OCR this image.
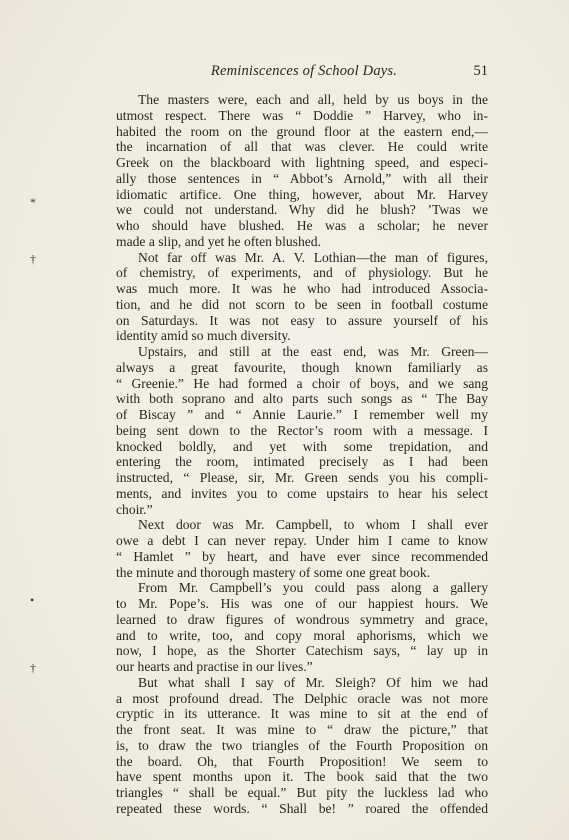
Reminiscences of School Days.	51
*
†
•
†
The masters were, each and all, held by us boys in the
utmost respect. There was “ Doddie ” Harvey, who in-
habited the room on the ground floor at the eastern end,—
the incarnation of all that was clever. He could write
Greek on the blackboard with lightning speed, and especi-
ally those sentences in “ Abbot’s Arnold,” with all their
idiomatic artifice. One thing, however, about Mr. Harvey
we could not understand. Why did he blush? ’Twas we
who should have blushed. He was a scholar; he never
made a slip, and yet he often blushed.
Not far off was Mr. A. V. Lothian—the man of figures,
of chemistry, of experiments, and of physiology. But he
was much more. It was he who had introduced Associa-
tion, and he did not scorn to be seen in football costume
on Saturdays. It was not easy to assure yourself of his
identity amid so much diversity.
Upstairs, and still at the east end, was Mr. Green—
always a great favourite, though known familiarly as
“ Greenie.” He had formed a choir of boys, and we sang
with both soprano and alto parts such songs as “ The Bay
of Biscay ” and “ Annie Laurie.” I remember well my
being sent down to the Rector’s room with a message. I
knocked boldly, and yet with some trepidation, and
entering the room, intimated precisely as I had been
instructed, “ Please, sir, Mr. Green sends you his compli-
ments, and invites you to come upstairs to hear his select
choir.”
Next door was Mr. Campbell, to whom I shall ever
owe a debt I can never repay. Under him I came to know
“ Hamlet ” by heart, and have ever since recommended
the minute and thorough mastery of some one great book.
From Mr. Campbell’s you could pass along a gallery
to Mr. Pope’s. His was one of our happiest hours. We
learned to draw figures of wondrous symmetry and grace,
and to write, too, and copy moral aphorisms, which we
now, I hope, as the Shorter Catechism says, “ lay up in
our hearts and practise in our lives.”
But what shall I say of Mr. Sleigh? Of him we had
a most profound dread. The Delphic oracle was not more
cryptic in its utterance. It was mine to sit at the end of
the front seat. It was mine to “ draw the picture,” that
is, to draw the two triangles of the Fourth Proposition on
the board. Oh, that Fourth Proposition! We seem to
have spent months upon it. The book said that the two
triangles “ shall be equal.” But pity the luckless lad who
repeated these words. “ Shall be! ” roared the offended
